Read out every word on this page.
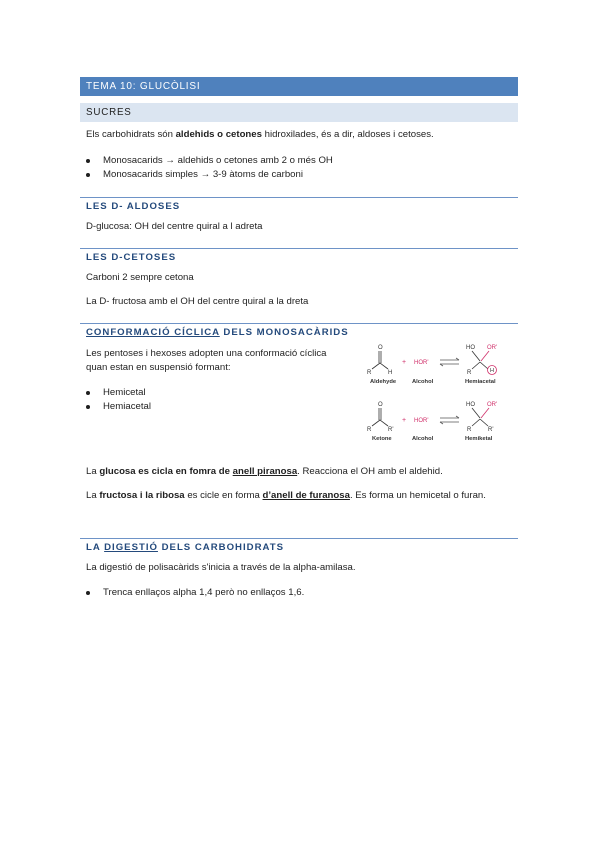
TEMA 10: GLUCÒLISI
SUCRES
Els carbohidrats són aldehids o cetones hidroxilades, és a dir, aldoses i cetoses.
Monosacarids → aldehids o cetones amb 2 o més OH
Monosacarids simples → 3-9 àtoms de carboni
LES D- ALDOSES
D-glucosa: OH del centre quiral a l adreta
LES D-CETOSES
Carboni 2 sempre cetona
La D- fructosa amb el OH del centre quiral a la dreta
CONFORMACIÓ CÍCLICA DELS MONOSACÀRIDS
Les pentoses i hexoses adopten una conformació cíclica
quan estan en suspensió formant:
Hemicetal
Hemiacetal
O
R	H
+ HOR'
HO OR'
R	H
Aldehyde	Alcohol	Hemiacetal
O
R	R'
+ HOR'
HO OR'
R	R'
Ketone	Alcohol	Hemiketal
La glucosa es cicla en fomra de anell piranosa. Reacciona el OH amb el aldehid.
La fructosa i la ribosa es cicle en forma d’anell de furanosa. Es forma un hemicetal o furan.
LA DIGESTIÓ DELS CARBOHIDRATS
La digestió de polisacàrids s'inicia a través de la alpha-amilasa.
Trenca enllaços alpha 1,4 però no enllaços 1,6.
